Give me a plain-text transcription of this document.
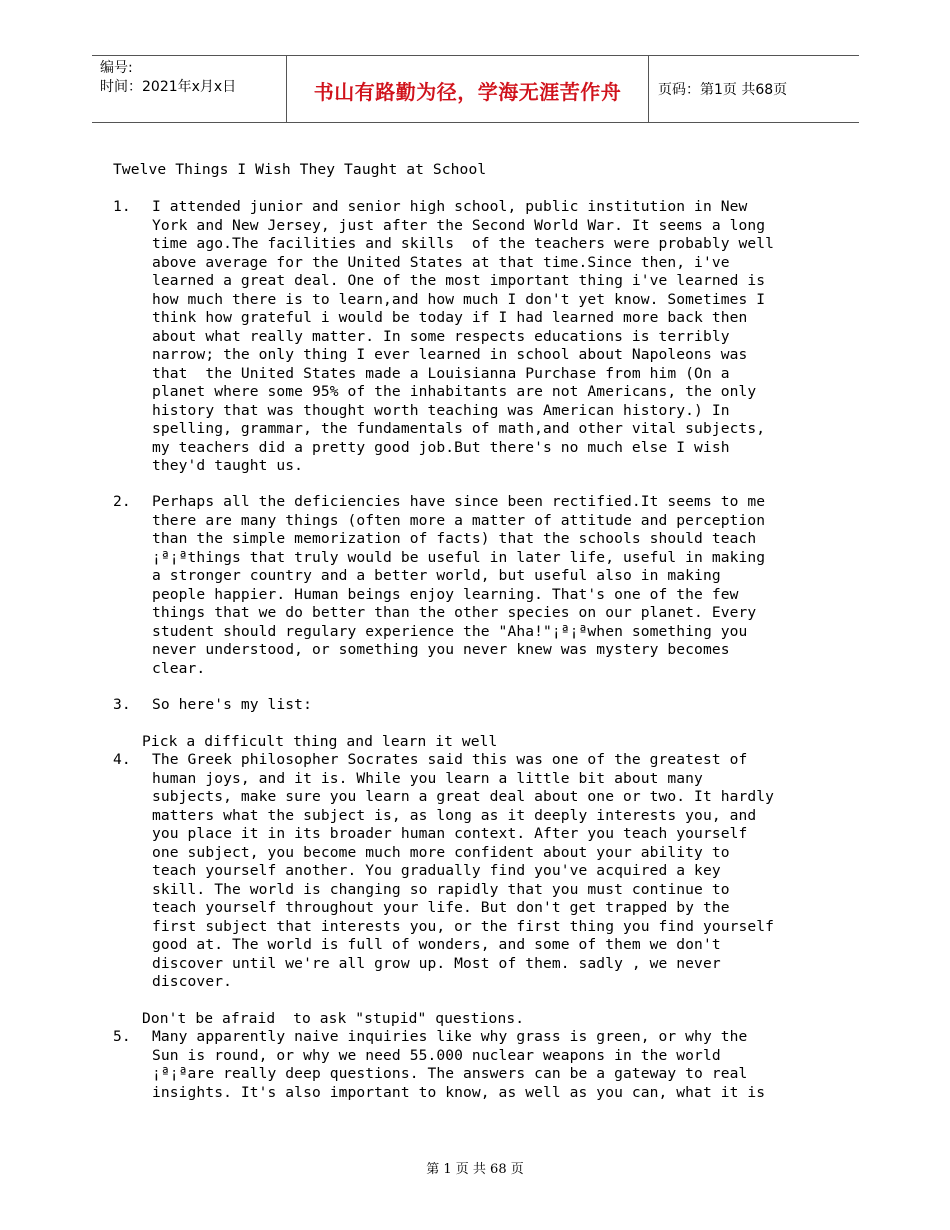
编号:
时间：2021年x月x日	书山有路勤为径，学海无涯苦作舟	页码：第1页 共68页
Twelve Things I Wish They Taught at School
1. I attended junior and senior high school, public institution in New
York and New Jersey, just after the Second World War. It seems a long
time ago.The facilities and skills  of the teachers were probably well
above average for the United States at that time.Since then, i've
learned a great deal. One of the most important thing i've learned is
how much there is to learn,and how much I don't yet know. Sometimes I
think how grateful i would be today if I had learned more back then
about what really matter. In some respects educations is terribly
narrow; the only thing I ever learned in school about Napoleons was
that  the United States made a Louisianna Purchase from him (On a
planet where some 95% of the inhabitants are not Americans, the only
history that was thought worth teaching was American history.) In
spelling, grammar, the fundamentals of math,and other vital subjects,
my teachers did a pretty good job.But there's no much else I wish
they'd taught us.
2. Perhaps all the deficiencies have since been rectified.It seems to me
there are many things (often more a matter of attitude and perception
than the simple memorization of facts) that the schools should teach
¡ª¡ªthings that truly would be useful in later life, useful in making
a stronger country and a better world, but useful also in making
people happier. Human beings enjoy learning. That's one of the few
things that we do better than the other species on our planet. Every
student should regulary experience the "Aha!"¡ª¡ªwhen something you
never understood, or something you never knew was mystery becomes
clear.
3. So here's my list:
Pick a difficult thing and learn it well
4. The Greek philosopher Socrates said this was one of the greatest of
human joys, and it is. While you learn a little bit about many
subjects, make sure you learn a great deal about one or two. It hardly
matters what the subject is, as long as it deeply interests you, and
you place it in its broader human context. After you teach yourself
one subject, you become much more confident about your ability to
teach yourself another. You gradually find you've acquired a key
skill. The world is changing so rapidly that you must continue to
teach yourself throughout your life. But don't get trapped by the
first subject that interests you, or the first thing you find yourself
good at. The world is full of wonders, and some of them we don't
discover until we're all grow up. Most of them. sadly , we never
discover.
Don't be afraid  to ask "stupid" questions.
5. Many apparently naive inquiries like why grass is green, or why the
Sun is round, or why we need 55.000 nuclear weapons in the world
¡ª¡ªare really deep questions. The answers can be a gateway to real
insights. It's also important to know, as well as you can, what it is
第 1 页 共 68 页
